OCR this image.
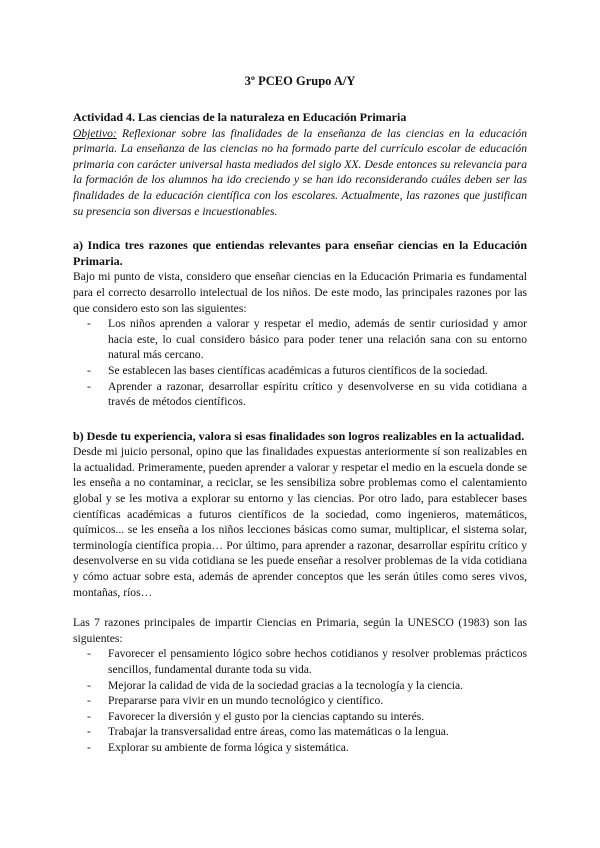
3º PCEO Grupo A/Y
Actividad 4. Las ciencias de la naturaleza en Educación Primaria

Objetivo: Reflexionar sobre las finalidades de la enseñanza de las ciencias en la educación primaria. La enseñanza de las ciencias no ha formado parte del currículo escolar de educación primaria con carácter universal hasta mediados del siglo XX. Desde entonces su relevancia para la formación de los alumnos ha ido creciendo y se han ido reconsiderando cuáles deben ser las finalidades de la educación científica con los escolares. Actualmente, las razones que justifican su presencia son diversas e incuestionables.

a) Indica tres razones que entiendas relevantes para enseñar ciencias en la Educación Primaria.

Bajo mi punto de vista, considero que enseñar ciencias en la Educación Primaria es fundamental para el correcto desarrollo intelectual de los niños. De este modo, las principales razones por las que considero esto son las siguientes:

- Los niños aprenden a valorar y respetar el medio, además de sentir curiosidad y amor hacia este, lo cual considero básico para poder tener una relación sana con su entorno natural más cercano.
- Se establecen las bases científicas académicas a futuros científicos de la sociedad.
- Aprender a razonar, desarrollar espíritu crítico y desenvolverse en su vida cotidiana a través de métodos científicos.
b) Desde tu experiencia, valora si esas finalidades son logros realizables en la actualidad.

Desde mi juicio personal, opino que las finalidades expuestas anteriormente sí son realizables en la actualidad. Primeramente, pueden aprender a valorar y respetar el medio en la escuela donde se les enseña a no contaminar, a reciclar, se les sensibiliza sobre problemas como el calentamiento global y se les motiva a explorar su entorno y las ciencias. Por otro lado, para establecer bases científicas académicas a futuros científicos de la sociedad, como ingenieros, matemáticos, químicos... se les enseña a los niños lecciones básicas como sumar, multiplicar, el sistema solar, terminología científica propia… Por último, para aprender a razonar, desarrollar espíritu crítico y desenvolverse en su vida cotidiana se les puede enseñar a resolver problemas de la vida cotidiana y cómo actuar sobre esta, además de aprender conceptos que les serán útiles como seres vivos, montañas, ríos…

Las 7 razones principales de impartir Ciencias en Primaria, según la UNESCO (1983) son las siguientes:

- Favorecer el pensamiento lógico sobre hechos cotidianos y resolver problemas prácticos sencillos, fundamental durante toda su vida.
- Mejorar la calidad de vida de la sociedad gracias a la tecnología y la ciencia.
- Prepararse para vivir en un mundo tecnológico y científico.
- Favorecer la diversión y el gusto por la ciencias captando su interés.
- Trabajar la transversalidad entre áreas, como las matemáticas o la lengua.
- Explorar su ambiente de forma lógica y sistemática.
